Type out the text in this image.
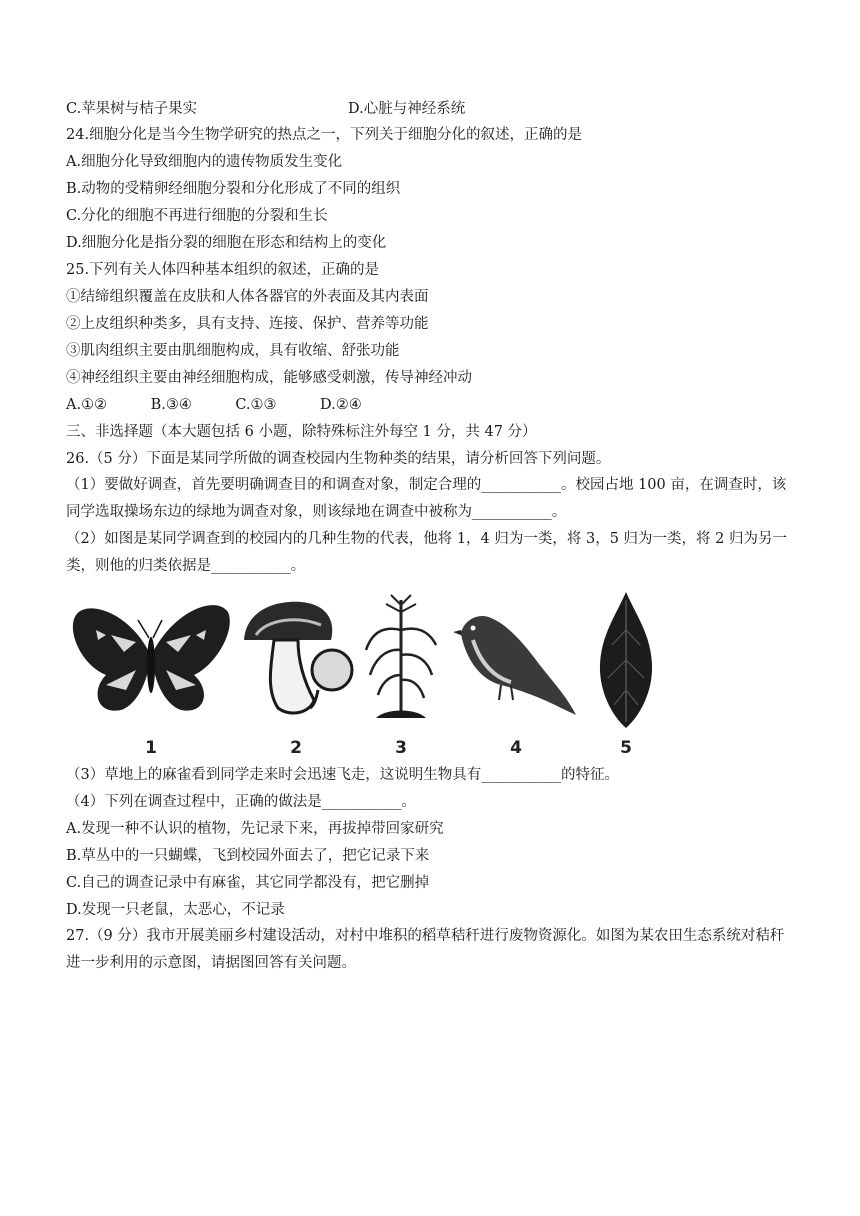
C.苹果树与桔子果实	D.心脏与神经系统
24.细胞分化是当今生物学研究的热点之一，下列关于细胞分化的叙述，正确的是
A.细胞分化导致细胞内的遗传物质发生变化
B.动物的受精卵经细胞分裂和分化形成了不同的组织
C.分化的细胞不再进行细胞的分裂和生长
D.细胞分化是指分裂的细胞在形态和结构上的变化
25.下列有关人体四种基本组织的叙述，正确的是
①结缔组织覆盖在皮肤和人体各器官的外表面及其内表面
②上皮组织种类多，具有支持、连接、保护、营养等功能
③肌肉组织主要由肌细胞构成，具有收缩、舒张功能
④神经组织主要由神经细胞构成，能够感受刺激，传导神经冲动
A.①②　　　B.③④　　　C.①③　　　D.②④
三、非选择题（本大题包括 6 小题，除特殊标注外每空 1 分，共 47 分）
26.（5 分）下面是某同学所做的调查校园内生物种类的结果，请分析回答下列问题。
（1）要做好调查，首先要明确调查目的和调查对象，制定合理的___________。校园占地 100 亩，在调查时，该同学选取操场东边的绿地为调查对象，则该绿地在调查中被称为___________。
（2）如图是某同学调查到的校园内的几种生物的代表，他将 1，4 归为一类，将 3，5 归为一类，将 2 归为另一类，则他的归类依据是___________。
1	2	3	4	5
（3）草地上的麻雀看到同学走来时会迅速飞走，这说明生物具有___________的特征。
（4）下列在调查过程中，正确的做法是___________。
A.发现一种不认识的植物，先记录下来，再拔掉带回家研究
B.草丛中的一只蝴蝶，飞到校园外面去了，把它记录下来
C.自己的调查记录中有麻雀，其它同学都没有，把它删掉
D.发现一只老鼠，太恶心，不记录
27.（9 分）我市开展美丽乡村建设活动，对村中堆积的稻草秸秆进行废物资源化。如图为某农田生态系统对秸秆进一步利用的示意图，请据图回答有关问题。
